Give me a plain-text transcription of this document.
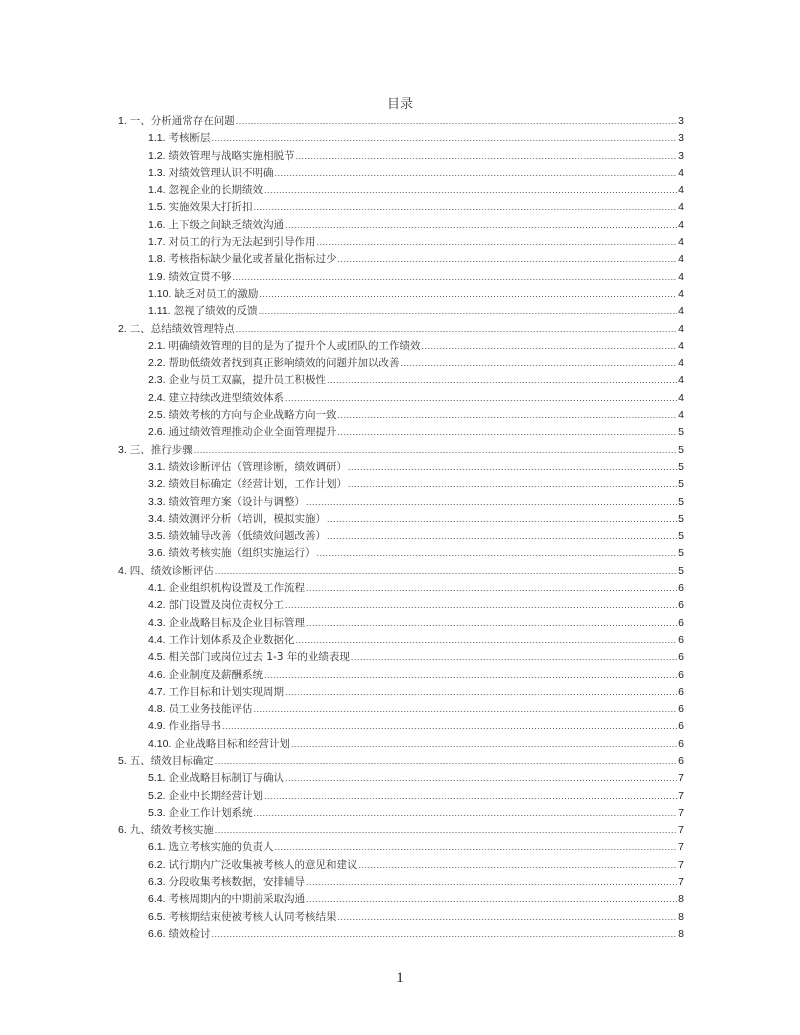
目录
1. 一、分析通常存在问题 .....	3
1.1. 考核断层 .....	3
1.2. 绩效管理与战略实施相脱节 .....	3
1.3. 对绩效管理认识不明确 .....	4
1.4. 忽视企业的长期绩效 .....	4
1.5. 实施效果大打折扣 .....	4
1.6. 上下级之间缺乏绩效沟通 .....	4
1.7. 对员工的行为无法起到引导作用 .....	4
1.8. 考核指标缺少量化或者量化指标过少 .....	4
1.9. 绩效宣贯不够 .....	4
1.10. 缺乏对员工的激励 .....	4
1.11. 忽视了绩效的反馈 .....	4
2. 二、总结绩效管理特点 .....	4
2.1. 明确绩效管理的目的是为了提升个人或团队的工作绩效 .....	4
2.2. 帮助低绩效者找到真正影响绩效的问题并加以改善 .....	4
2.3. 企业与员工双赢，提升员工积极性 .....	4
2.4. 建立持续改进型绩效体系 .....	4
2.5. 绩效考核的方向与企业战略方向一致 .....	4
2.6. 通过绩效管理推动企业全面管理提升 .....	5
3. 三、推行步骤 .....	5
3.1. 绩效诊断评估（管理诊断，绩效调研） .....	5
3.2. 绩效目标确定（经营计划，工作计划） .....	5
3.3. 绩效管理方案（设计与调整） .....	5
3.4. 绩效测评分析（培训，模拟实施） .....	5
3.5. 绩效辅导改善（低绩效问题改善） .....	5
3.6. 绩效考核实施（组织实施运行） .....	5
4. 四、绩效诊断评估 .....	5
4.1. 企业组织机构设置及工作流程 .....	6
4.2. 部门设置及岗位责权分工 .....	6
4.3. 企业战略目标及企业目标管理 .....	6
4.4. 工作计划体系及企业数据化 .....	6
4.5. 相关部门或岗位过去 1-3 年的业绩表现 .....	6
4.6. 企业制度及薪酬系统 .....	6
4.7. 工作目标和计划实现周期 .....	6
4.8. 员工业务技能评估 .....	6
4.9. 作业指导书 .....	6
4.10. 企业战略目标和经营计划 .....	6
5. 五、绩效目标确定 .....	6
5.1. 企业战略目标制订与确认 .....	7
5.2. 企业中长期经营计划 .....	7
5.3. 企业工作计划系统 .....	7
6. 九、绩效考核实施 .....	7
6.1. 选立考核实施的负责人 .....	7
6.2. 试行期内广泛收集被考核人的意见和建议 .....	7
6.3. 分段收集考核数据，安排辅导 .....	7
6.4. 考核周期内的中期前采取沟通 .....	8
6.5. 考核期结束使被考核人认同考核结果 .....	8
6.6. 绩效检讨 .....	8
1
